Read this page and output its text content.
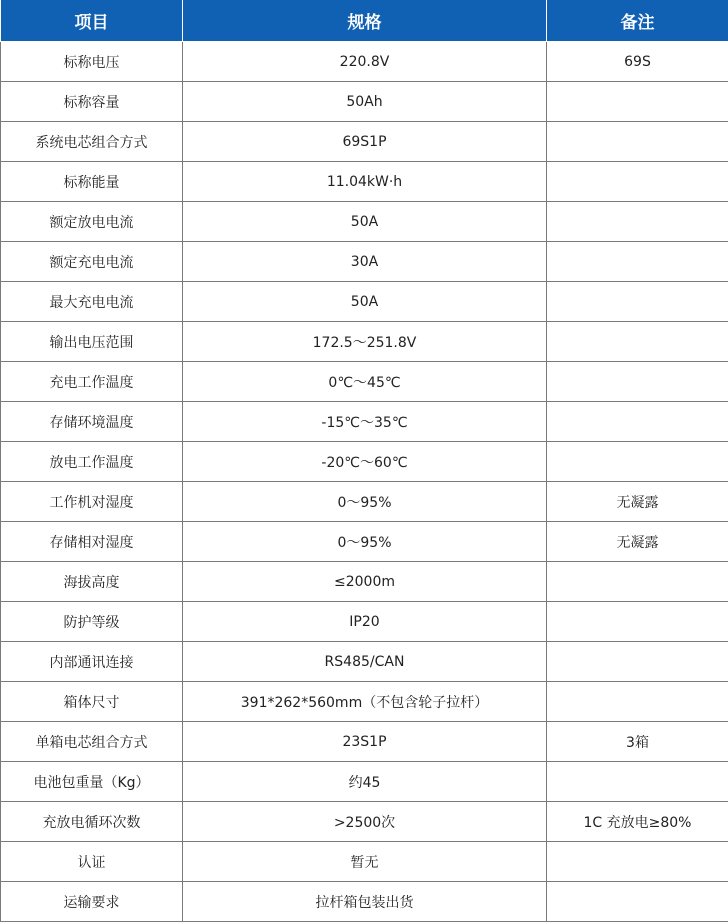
项目	规格	备注
标称电压	220.8V	69S
标称容量	50Ah	
系统电芯组合方式	69S1P	
标称能量	11.04kW·h	
额定放电电流	50A	
额定充电电流	30A	
最大充电电流	50A	
输出电压范围	172.5～251.8V	
充电工作温度	0℃～45℃	
存储环境温度	-15℃～35℃	
放电工作温度	-20℃～60℃	
工作机对湿度	0～95%	无凝露
存储相对湿度	0～95%	无凝露
海拔高度	≤2000m	
防护等级	IP20	
内部通讯连接	RS485/CAN	
箱体尺寸	391*262*560mm（不包含轮子拉杆）	
单箱电芯组合方式	23S1P	3箱
电池包重量（Kg）	约45	
充放电循环次数	>2500次	1C 充放电≥80%
认证	暂无	
运输要求	拉杆箱包装出货	
